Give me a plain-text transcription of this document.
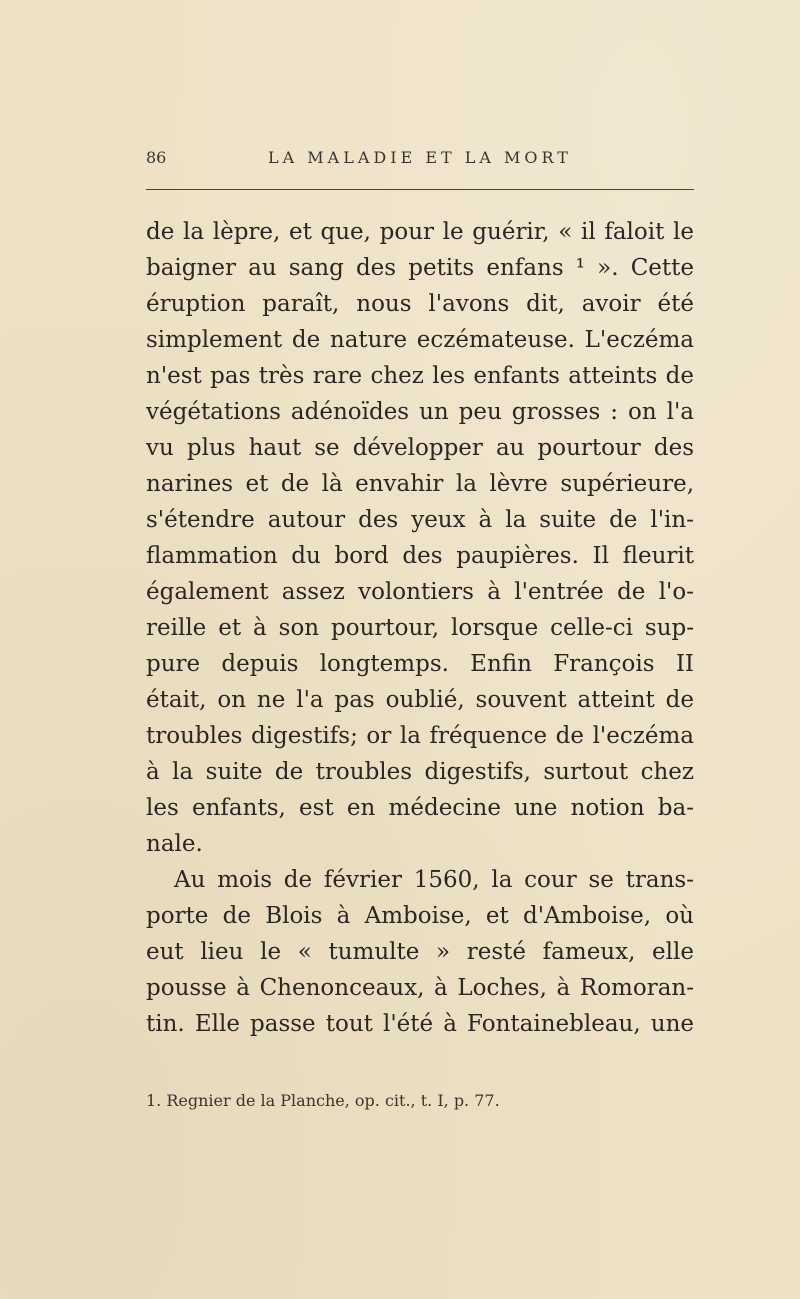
86	LA MALADIE ET LA MORT
de la lèpre, et que, pour le guérir, « il faloit le
baigner au sang des petits enfans ¹ ». Cette
éruption paraît, nous l'avons dit, avoir été
simplement de nature eczémateuse. L'eczéma
n'est pas très rare chez les enfants atteints de
végétations adénoïdes un peu grosses : on l'a
vu plus haut se développer au pourtour des
narines et de là envahir la lèvre supérieure,
s'étendre autour des yeux à la suite de l'in-
flammation du bord des paupières. Il fleurit
également assez volontiers à l'entrée de l'o-
reille et à son pourtour, lorsque celle-ci sup-
pure depuis longtemps. Enfin François II
était, on ne l'a pas oublié, souvent atteint de
troubles digestifs; or la fréquence de l'eczéma
à la suite de troubles digestifs, surtout chez
les enfants, est en médecine une notion ba-
nale.
Au mois de février 1560, la cour se trans-
porte de Blois à Amboise, et d'Amboise, où
eut lieu le « tumulte » resté fameux, elle
pousse à Chenonceaux, à Loches, à Romoran-
tin. Elle passe tout l'été à Fontainebleau, une
1. Regnier de la Planche, op. cit., t. I, p. 77.
